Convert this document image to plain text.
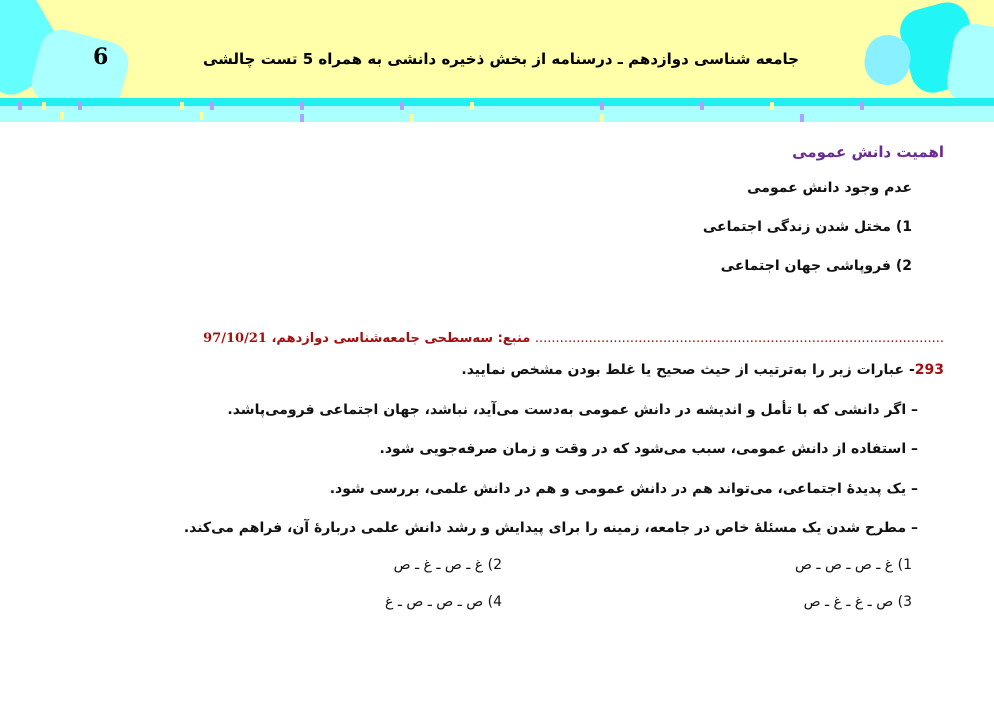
6	جامعه شناسی دوازدهم ـ درسنامه از بخش ذخیره دانشی به همراه 5 تست چالشی
اهمیت دانش عمومی
عدم وجود دانش عمومی
1) مختل شدن زندگی اجتماعی
2) فروپاشی جهان اجتماعی
................................................................................................... منبع: سه‌سطحی جامعه‌شناسی دوازدهم، 97/10/21
293- عبارات زیر را به‌ترتیب از حیث صحیح یا غلط بودن مشخص نمایید.
– اگر دانشی که با تأمل و اندیشه در دانش عمومی به‌دست می‌آید، نباشد، جهان اجتماعی فرومی‌پاشد.
– استفاده از دانش عمومی، سبب می‌شود که در وقت و زمان صرفه‌جویی شود.
– یک پدیدۀ اجتماعی، می‌تواند هم در دانش عمومی و هم در دانش علمی، بررسی شود.
– مطرح شدن یک مسئلۀ خاص در جامعه، زمینه را برای پیدایش و رشد دانش علمی دربارۀ آن، فراهم می‌کند.
1) غ ـ ص ـ ص ـ ص
2) غ ـ ص ـ غ ـ ص
3) ص ـ غ ـ غ ـ ص
4) ص ـ ص ـ ص ـ غ
